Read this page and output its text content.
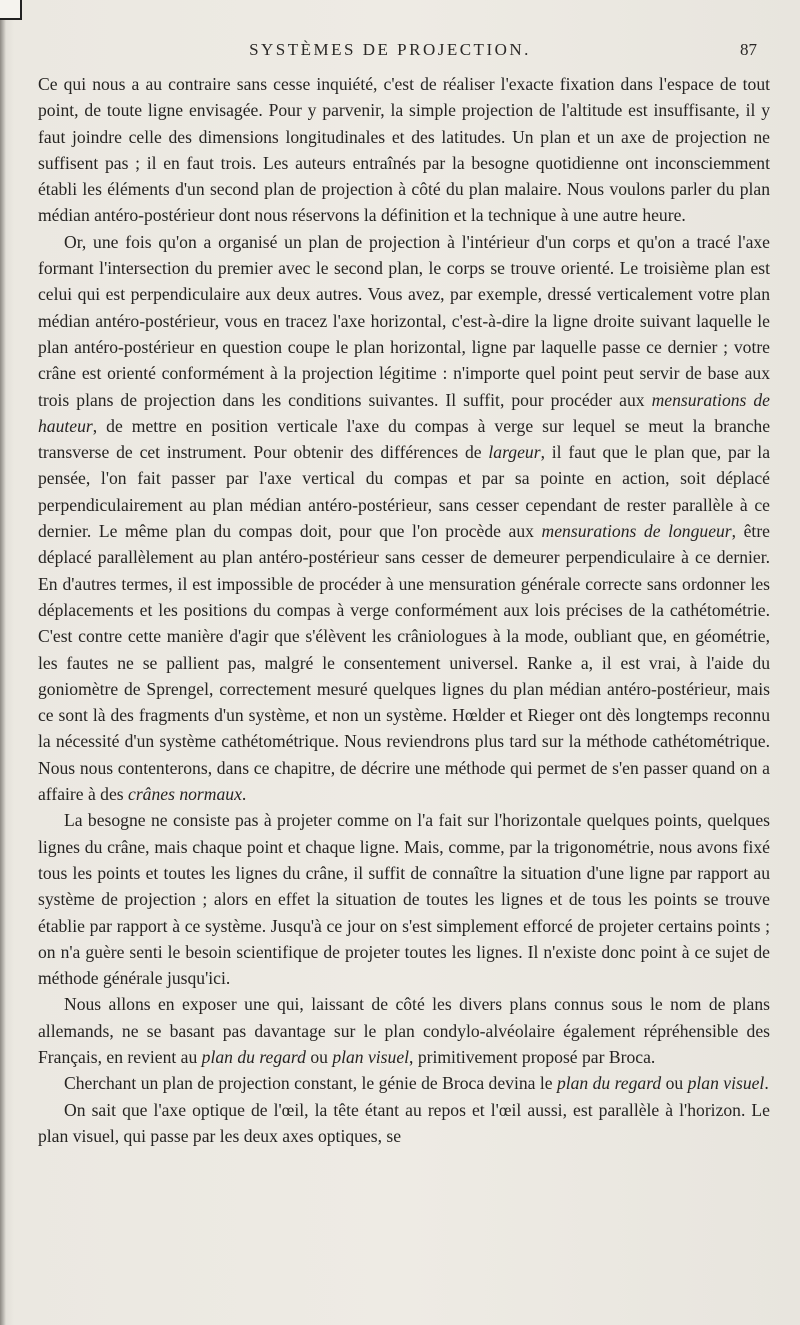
SYSTÈMES DE PROJECTION.	87

Ce qui nous a au contraire sans cesse inquiété, c'est de réaliser l'exacte fixation dans l'espace de tout point, de toute ligne envisagée. Pour y parvenir, la simple projection de l'altitude est insuffisante, il y faut joindre celle des dimensions longitudinales et des latitudes. Un plan et un axe de projection ne suffisent pas ; il en faut trois. Les auteurs entraînés par la besogne quotidienne ont inconsciemment établi les éléments d'un second plan de projection à côté du plan malaire. Nous voulons parler du plan médian antéro-postérieur dont nous réservons la définition et la technique à une autre heure.

Or, une fois qu'on a organisé un plan de projection à l'intérieur d'un corps et qu'on a tracé l'axe formant l'intersection du premier avec le second plan, le corps se trouve orienté. Le troisième plan est celui qui est perpendiculaire aux deux autres. Vous avez, par exemple, dressé verticalement votre plan médian antéro-postérieur, vous en tracez l'axe horizontal, c'est-à-dire la ligne droite suivant laquelle le plan antéro-postérieur en question coupe le plan horizontal, ligne par laquelle passe ce dernier ; votre crâne est orienté conformément à la projection légitime : n'importe quel point peut servir de base aux trois plans de projection dans les conditions suivantes. Il suffit, pour procéder aux mensurations de hauteur, de mettre en position verticale l'axe du compas à verge sur lequel se meut la branche transverse de cet instrument. Pour obtenir des différences de largeur, il faut que le plan que, par la pensée, l'on fait passer par l'axe vertical du compas et par sa pointe en action, soit déplacé perpendiculairement au plan médian antéro-postérieur, sans cesser cependant de rester parallèle à ce dernier. Le même plan du compas doit, pour que l'on procède aux mensurations de longueur, être déplacé parallèlement au plan antéro-postérieur sans cesser de demeurer perpendiculaire à ce dernier. En d'autres termes, il est impossible de procéder à une mensuration générale correcte sans ordonner les déplacements et les positions du compas à verge conformément aux lois précises de la cathétométrie. C'est contre cette manière d'agir que s'élèvent les crâniologues à la mode, oubliant que, en géométrie, les fautes ne se pallient pas, malgré le consentement universel. Ranke a, il est vrai, à l'aide du goniomètre de Sprengel, correctement mesuré quelques lignes du plan médian antéro-postérieur, mais ce sont là des fragments d'un système, et non un système. Hœlder et Rieger ont dès longtemps reconnu la nécessité d'un système cathétométrique. Nous reviendrons plus tard sur la méthode cathétométrique. Nous nous contenterons, dans ce chapitre, de décrire une méthode qui permet de s'en passer quand on a affaire à des crânes normaux.

La besogne ne consiste pas à projeter comme on l'a fait sur l'horizontale quelques points, quelques lignes du crâne, mais chaque point et chaque ligne. Mais, comme, par la trigonométrie, nous avons fixé tous les points et toutes les lignes du crâne, il suffit de connaître la situation d'une ligne par rapport au système de projection ; alors en effet la situation de toutes les lignes et de tous les points se trouve établie par rapport à ce système. Jusqu'à ce jour on s'est simplement efforcé de projeter certains points ; on n'a guère senti le besoin scientifique de projeter toutes les lignes. Il n'existe donc point à ce sujet de méthode générale jusqu'ici.

Nous allons en exposer une qui, laissant de côté les divers plans connus sous le nom de plans allemands, ne se basant pas davantage sur le plan condylo-alvéolaire également répréhensible des Français, en revient au plan du regard ou plan visuel, primitivement proposé par Broca.

Cherchant un plan de projection constant, le génie de Broca devina le plan du regard ou plan visuel.

On sait que l'axe optique de l'œil, la tête étant au repos et l'œil aussi, est parallèle à l'horizon. Le plan visuel, qui passe par les deux axes optiques, se
